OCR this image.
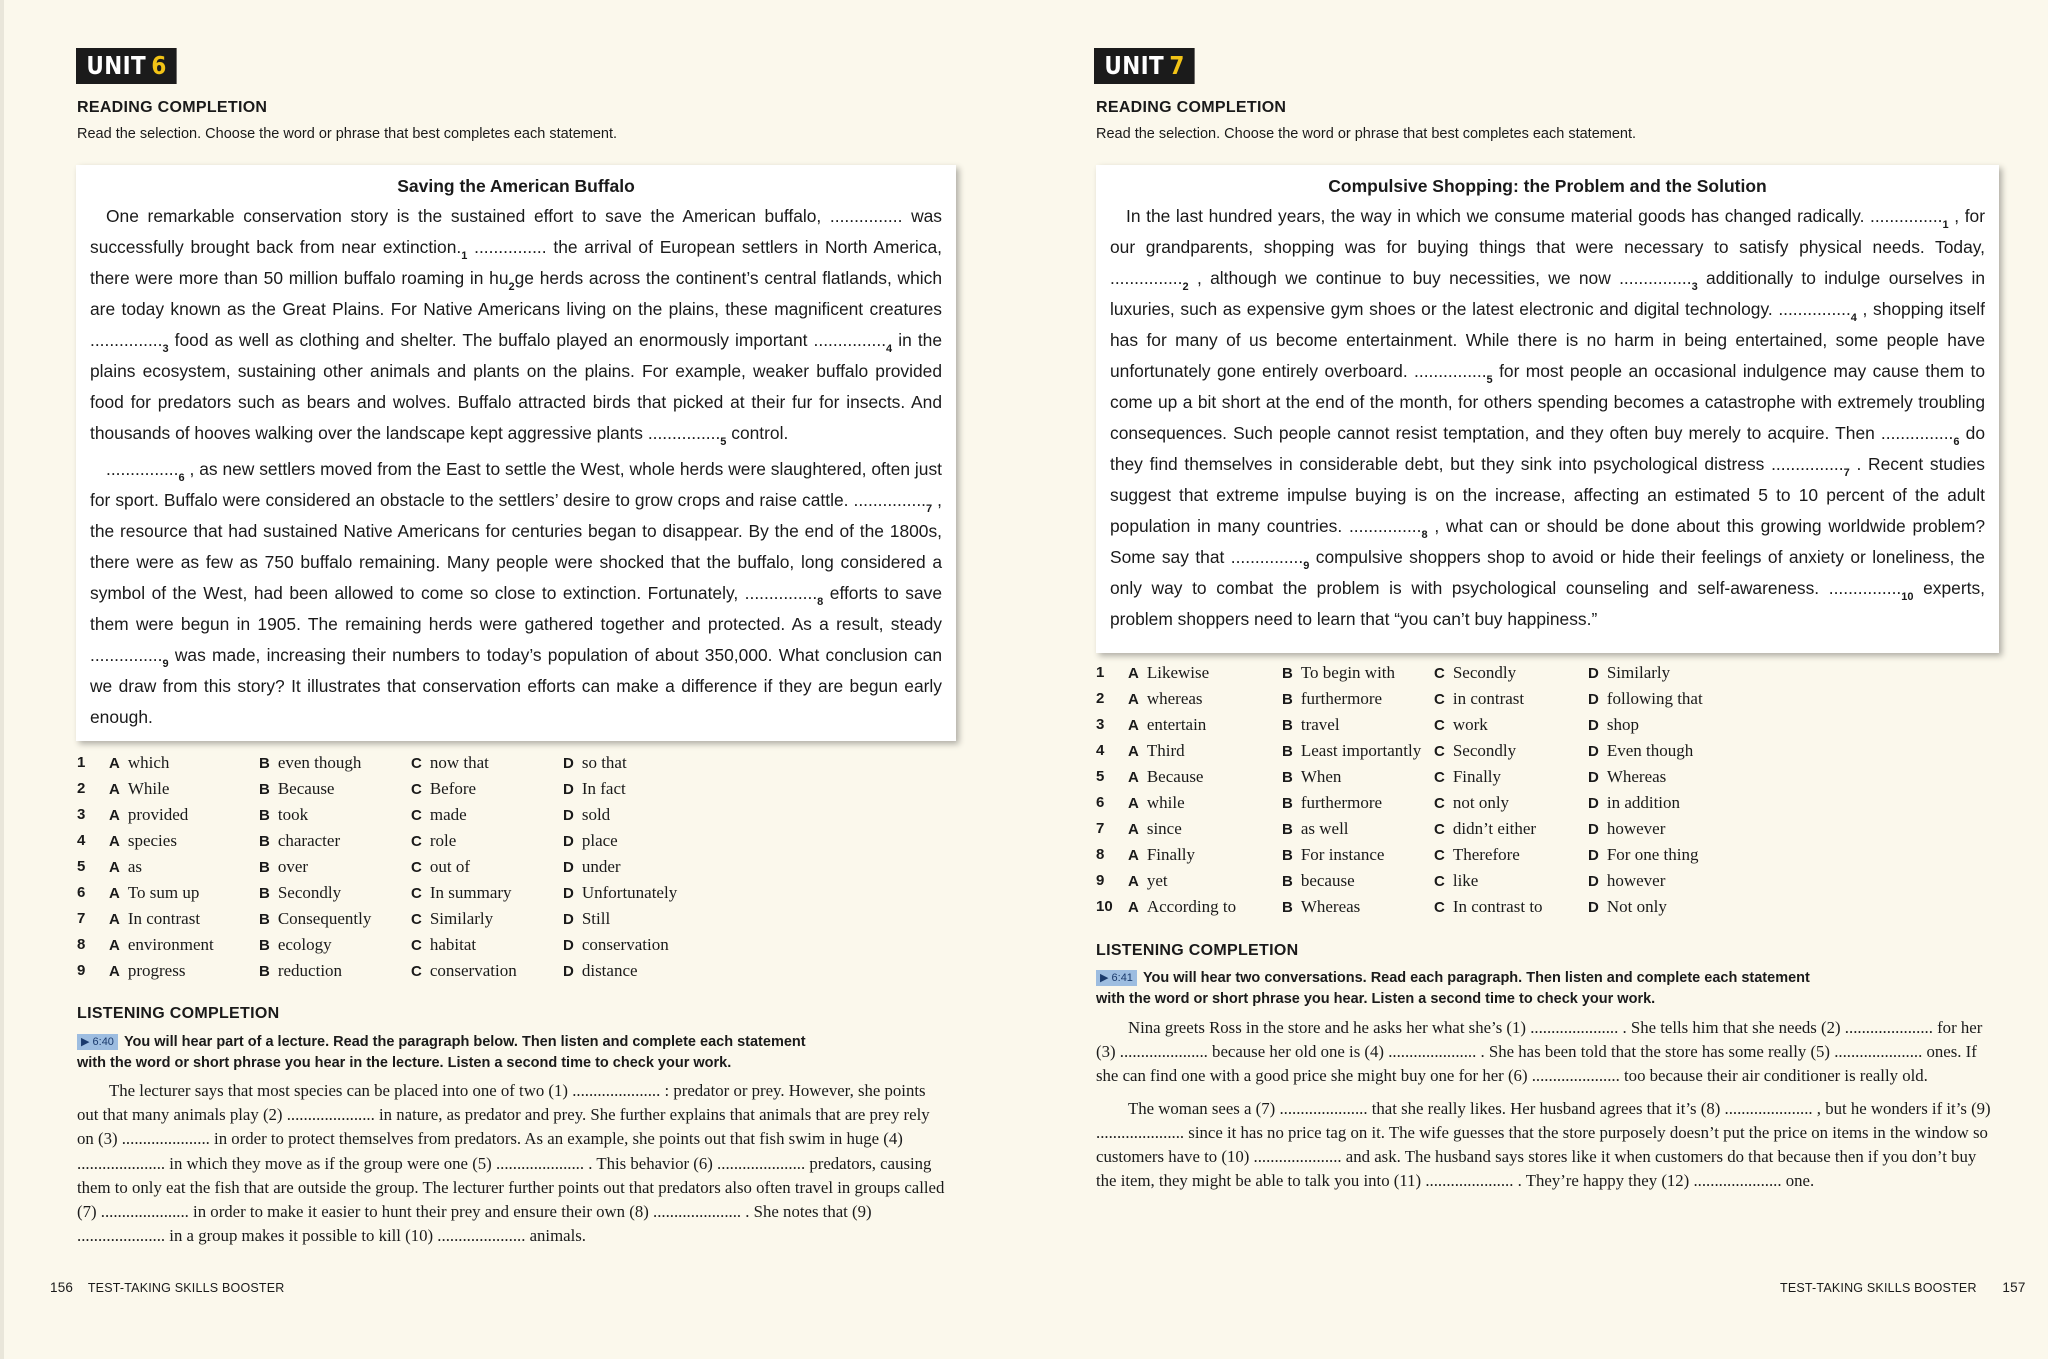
UNIT 6
READING COMPLETION
Read the selection. Choose the word or phrase that best completes each statement.
Saving the American Buffalo

One remarkable conservation story is the sustained effort to save the American buffalo, ............... was successfully brought back from near $extinction._1$ ............... the arrival of European settlers in North America, there were more than 50 million buffalo roaming in $hu_2ge$ herds across the continent’s central flatlands, which are today known as the Great Plains. For Native Americans living on the plains, these magnificent creatures $..............._3$ food as well as clothing and shelter. The buffalo played an enormously important $..............._4$ in the plains ecosystem, sustaining other animals and plants on the plains. For example, weaker buffalo provided food for predators such as bears and wolves. Buffalo attracted birds that picked at their fur for insects. And thousands of hooves walking over the landscape kept aggressive plants $..............._5$ control.

$..............._6$ , as new settlers moved from the East to settle the West, whole herds were slaughtered, often just for sport. Buffalo were considered an obstacle to the settlers’ desire to grow crops and raise cattle. $..............._7$ , the resource that had sustained Native Americans for centuries began to disappear. By the end of the 1800s, there were as few as 750 buffalo remaining. Many people were shocked that the buffalo, long considered a symbol of the West, had been allowed to come so close to extinction. Fortunately, $..............._8$ efforts to save them were begun in 1905. The remaining herds were gathered together and protected. As a result, steady $..............._9$ was made, increasing their numbers to today’s population of about 350,000. What conclusion can we draw from this story? It illustrates that conservation efforts can make a difference if they are begun early enough.

1 A which	B even though	C now that	D so that
2 A While	B Because	C Before	D In fact
3 A provided	B took	C made	D sold
4 A species	B character	C role	D place
5 A as	B over	C out of	D under
6 A To sum up	B Secondly	C In summary	D Unfortunately
7 A In contrast	B Consequently	C Similarly	D Still
8 A environment	B ecology	C habitat	D conservation
9 A progress	B reduction	C conservation	D distance
LISTENING COMPLETION
▶ 6:40 You will hear part of a lecture. Read the paragraph below. Then listen and complete each statement
with the word or short phrase you hear in the lecture. Listen a second time to check your work.

The lecturer says that most species can be placed into one of two (1) ..................... : predator or prey. However, she points out that many animals play (2) ..................... in nature, as predator and prey. She further explains that animals that are prey rely on (3) ..................... in order to protect themselves from predators. As an example, she points out that fish swim in huge (4) ..................... in which they move as if the group were one (5) ..................... . This behavior (6) ..................... predators, causing them to only eat the fish that are outside the group. The lecturer further points out that predators also often travel in groups called (7) ..................... in order to make it easier to hunt their prey and ensure their own (8) ..................... . She notes that (9) ..................... in a group makes it possible to kill (10) ..................... animals.

156 TEST-TAKING SKILLS BOOSTER
UNIT 7
READING COMPLETION
Read the selection. Choose the word or phrase that best completes each statement.
Compulsive Shopping: the Problem and the Solution

In the last hundred years, the way in which we consume material goods has changed radically. $..............._1$ , for our grandparents, shopping was for buying things that were necessary to satisfy physical needs. Today, $..............._2$ , although we continue to buy necessities, we now $..............._3$ additionally to indulge ourselves in luxuries, such as expensive gym shoes or the latest electronic and digital technology. $..............._4$ , shopping itself has for many of us become entertainment. While there is no harm in being entertained, some people have unfortunately gone entirely overboard. $..............._5$ for most people an occasional indulgence may cause them to come up a bit short at the end of the month, for others spending becomes a catastrophe with extremely troubling consequences. Such people cannot resist temptation, and they often buy merely to acquire. Then $..............._6$ do they find themselves in considerable debt, but they sink into psychological distress $..............._7$ . Recent studies suggest that extreme impulse buying is on the increase, affecting an estimated 5 to 10 percent of the adult population in many countries. $..............._8$ , what can or should be done about this growing worldwide problem? Some say that $..............._9$ compulsive shoppers shop to avoid or hide their feelings of anxiety or loneliness, the only way to combat the problem is with psychological counseling and self-awareness. $..............._{10}$ experts, problem shoppers need to learn that “you can’t buy happiness.”

1 A Likewise	B To begin with	C Secondly	D Similarly
2 A whereas	B furthermore	C in contrast	D following that
3 A entertain	B travel	C work	D shop
4 A Third	B Least importantly C Secondly	D Even though
5 A Because	B When	C Finally	D Whereas
6 A while	B furthermore	C not only	D in addition
7 A since	B as well	C didn’t either	D however
8 A Finally	B For instance	C Therefore	D For one thing
9 A yet	B because	C like	D however
10 A According to	B Whereas	C In contrast to	D Not only
LISTENING COMPLETION
▶ 6:41 You will hear two conversations. Read each paragraph. Then listen and complete each statement
with the word or short phrase you hear. Listen a second time to check your work.

Nina greets Ross in the store and he asks her what she’s (1) ..................... . She tells him that she needs (2) ..................... for her (3) ..................... because her old one is (4) ..................... . She has been told that the store has some really (5) ..................... ones. If she can find one with a good price she might buy one for her (6) ..................... too because their air conditioner is really old.

The woman sees a (7) ..................... that she really likes. Her husband agrees that it’s (8) ..................... , but he wonders if it’s (9) ..................... since it has no price tag on it. The wife guesses that the store purposely doesn’t put the price on items in the window so customers have to (10) ..................... and ask. The husband says stores like it when customers do that because then if you don’t buy the item, they might be able to talk you into (11) ..................... . They’re happy they (12) ..................... one.

TEST-TAKING SKILLS BOOSTER 157
